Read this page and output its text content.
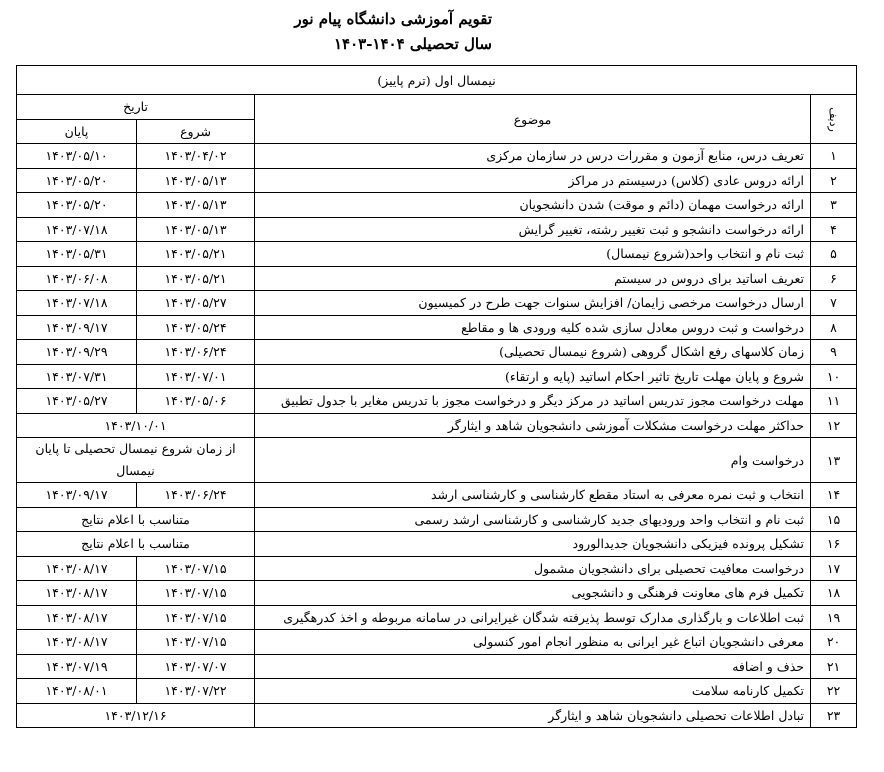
تقویم آموزشی دانشگاه پیام نور
سال تحصیلی ۱۴۰۴-۱۴۰۳
نیمسال اول (ترم پاییز)			
ردیف	موضوع	تاریخ	
		شروع	پایان
۱	تعریف درس، منابع آزمون و مقررات درس در سازمان مرکزی	۱۴۰۳/۰۴/۰۲	۱۴۰۳/۰۵/۱۰
۲	ارائه دروس عادی (کلاس) درسیستم در مراکز	۱۴۰۳/۰۵/۱۳	۱۴۰۳/۰۵/۲۰
۳	ارائه درخواست مهمان (دائم و موقت) شدن دانشجویان	۱۴۰۳/۰۵/۱۳	۱۴۰۳/۰۵/۲۰
۴	ارائه درخواست دانشجو و ثبت تغییر رشته، تغییر گرایش	۱۴۰۳/۰۵/۱۳	۱۴۰۳/۰۷/۱۸
۵	ثبت نام و انتخاب واحد(شروع نیمسال)	۱۴۰۳/۰۵/۲۱	۱۴۰۳/۰۵/۳۱
۶	تعریف اساتید برای دروس در سیستم	۱۴۰۳/۰۵/۲۱	۱۴۰۳/۰۶/۰۸
۷	ارسال درخواست مرخصی زایمان/ افزایش سنوات جهت طرح در کمیسیون	۱۴۰۳/۰۵/۲۷	۱۴۰۳/۰۷/۱۸
۸	درخواست و ثبت دروس معادل سازی شده کلیه ورودی ها و مقاطع	۱۴۰۳/۰۵/۲۴	۱۴۰۳/۰۹/۱۷
۹	زمان کلاسهای رفع اشکال گروهی (شروع نیمسال تحصیلی)	۱۴۰۳/۰۶/۲۴	۱۴۰۳/۰۹/۲۹
۱۰	شروع و پایان مهلت تاریخ تاثیر احکام اساتید (پایه و ارتقاء)	۱۴۰۳/۰۷/۰۱	۱۴۰۳/۰۷/۳۱
۱۱	مهلت درخواست مجوز تدریس اساتید در مرکز دیگر و درخواست مجوز با تدریس مغایر با جدول تطبیق	۱۴۰۳/۰۵/۰۶	۱۴۰۳/۰۵/۲۷
۱۲	حداکثر مهلت درخواست مشکلات آموزشی دانشجویان شاهد و ایثارگر	۱۴۰۳/۱۰/۰۱	
۱۳	درخواست وام	از زمان شروع نیمسال تحصیلی تا پایان نیمسال	
۱۴	انتخاب و ثبت نمره معرفی به استاد مقطع کارشناسی و کارشناسی ارشد	۱۴۰۳/۰۶/۲۴	۱۴۰۳/۰۹/۱۷
۱۵	ثبت نام و انتخاب واحد ورودیهای جدید کارشناسی و کارشناسی ارشد رسمی	متناسب با اعلام نتایج	
۱۶	تشکیل پرونده فیزیکی دانشجویان جدیدالورود	متناسب با اعلام نتایج	
۱۷	درخواست معافیت تحصیلی برای دانشجویان مشمول	۱۴۰۳/۰۷/۱۵	۱۴۰۳/۰۸/۱۷
۱۸	تکمیل فرم های معاونت فرهنگی و دانشجویی	۱۴۰۳/۰۷/۱۵	۱۴۰۳/۰۸/۱۷
۱۹	ثبت اطلاعات و بارگذاری مدارک توسط پذیرفته شدگان غیرایرانی در سامانه مربوطه و اخذ کدرهگیری	۱۴۰۳/۰۷/۱۵	۱۴۰۳/۰۸/۱۷
۲۰	معرفی دانشجویان اتباع غیر ایرانی به منظور انجام امور کنسولی	۱۴۰۳/۰۷/۱۵	۱۴۰۳/۰۸/۱۷
۲۱	حذف و اضافه	۱۴۰۳/۰۷/۰۷	۱۴۰۳/۰۷/۱۹
۲۲	تکمیل کارنامه سلامت	۱۴۰۳/۰۷/۲۲	۱۴۰۳/۰۸/۰۱
۲۳	تبادل اطلاعات تحصیلی دانشجویان شاهد و ایثارگر	۱۴۰۳/۱۲/۱۶	
